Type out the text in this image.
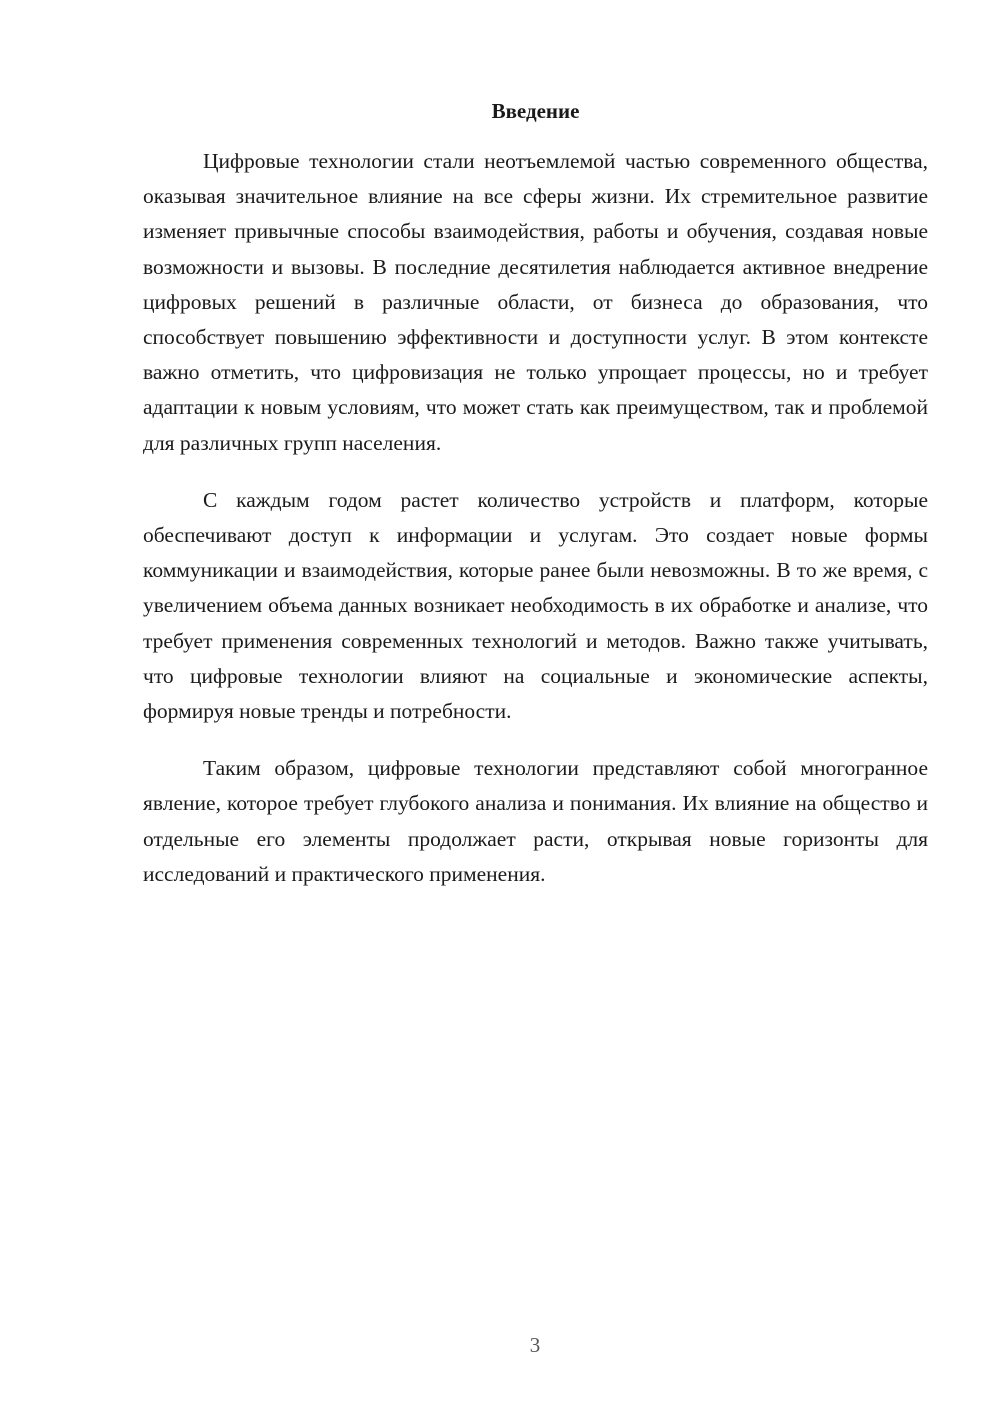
Введение

Цифровые технологии стали неотъемлемой частью современного общества, оказывая значительное влияние на все сферы жизни. Их стремительное развитие изменяет привычные способы взаимодействия, работы и обучения, создавая новые возможности и вызовы. В последние десятилетия наблюдается активное внедрение цифровых решений в различные области, от бизнеса до образования, что способствует повышению эффективности и доступности услуг. В этом контексте важно отметить, что цифровизация не только упрощает процессы, но и требует адаптации к новым условиям, что может стать как преимуществом, так и проблемой для различных групп населения.

С каждым годом растет количество устройств и платформ, которые обеспечивают доступ к информации и услугам. Это создает новые формы коммуникации и взаимодействия, которые ранее были невозможны. В то же время, с увеличением объема данных возникает необходимость в их обработке и анализе, что требует применения современных технологий и методов. Важно также учитывать, что цифровые технологии влияют на социальные и экономические аспекты, формируя новые тренды и потребности.

Таким образом, цифровые технологии представляют собой многогранное явление, которое требует глубокого анализа и понимания. Их влияние на общество и отдельные его элементы продолжает расти, открывая новые горизонты для исследований и практического применения.

3
